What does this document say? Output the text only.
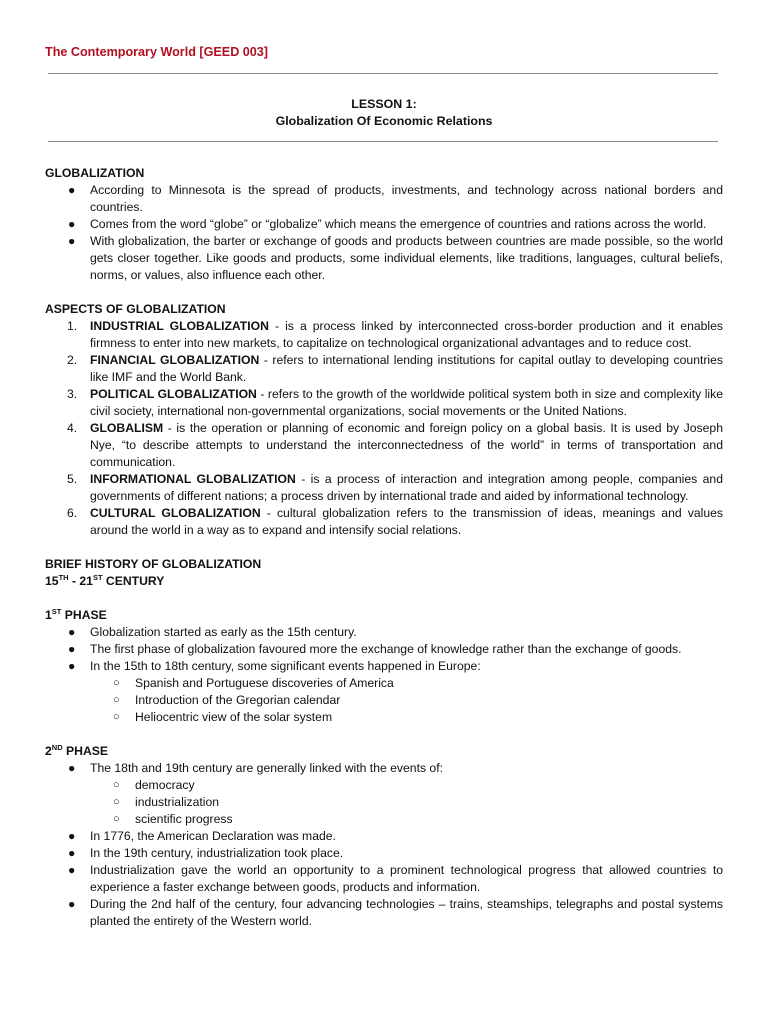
The Contemporary World [GEED 003]
LESSON 1:
Globalization Of Economic Relations

GLOBALIZATION

● According to Minnesota is the spread of products, investments, and technology across national borders and countries.
● Comes from the word “globe” or “globalize” which means the emergence of countries and rations across the world.
● With globalization, the barter or exchange of goods and products between countries are made possible, so the world gets closer together. Like goods and products, some individual elements, like traditions, languages, cultural beliefs, norms, or values, also influence each other.

ASPECTS OF GLOBALIZATION

1. INDUSTRIAL GLOBALIZATION - is a process linked by interconnected cross-border production and it enables firmness to enter into new markets, to capitalize on technological organizational advantages and to reduce cost.
2. FINANCIAL GLOBALIZATION - refers to international lending institutions for capital outlay to developing countries like IMF and the World Bank.
3. POLITICAL GLOBALIZATION - refers to the growth of the worldwide political system both in size and complexity like civil society, international non-governmental organizations, social movements or the United Nations.
4. GLOBALISM - is the operation or planning of economic and foreign policy on a global basis. It is used by Joseph Nye, “to describe attempts to understand the interconnectedness of the world” in terms of transportation and communication.
5. INFORMATIONAL GLOBALIZATION - is a process of interaction and integration among people, companies and governments of different nations; a process driven by international trade and aided by informational technology.
6. CULTURAL GLOBALIZATION - cultural globalization refers to the transmission of ideas, meanings and values around the world in a way as to expand and intensify social relations.

BRIEF HISTORY OF GLOBALIZATION

15TH - 21ST CENTURY

1ST PHASE

● Globalization started as early as the 15th century.
● The first phase of globalization favoured more the exchange of knowledge rather than the exchange of goods.
● In the 15th to 18th century, some significant events happened in Europe:
○ Spanish and Portuguese discoveries of America
○ Introduction of the Gregorian calendar
○ Heliocentric view of the solar system

2ND PHASE

● The 18th and 19th century are generally linked with the events of:
○ democracy
○ industrialization
○ scientific progress
● In 1776, the American Declaration was made.
● In the 19th century, industrialization took place.
● Industrialization gave the world an opportunity to a prominent technological progress that allowed countries to experience a faster exchange between goods, products and information.
● During the 2nd half of the century, four advancing technologies – trains, steamships, telegraphs and postal systems planted the entirety of the Western world.
